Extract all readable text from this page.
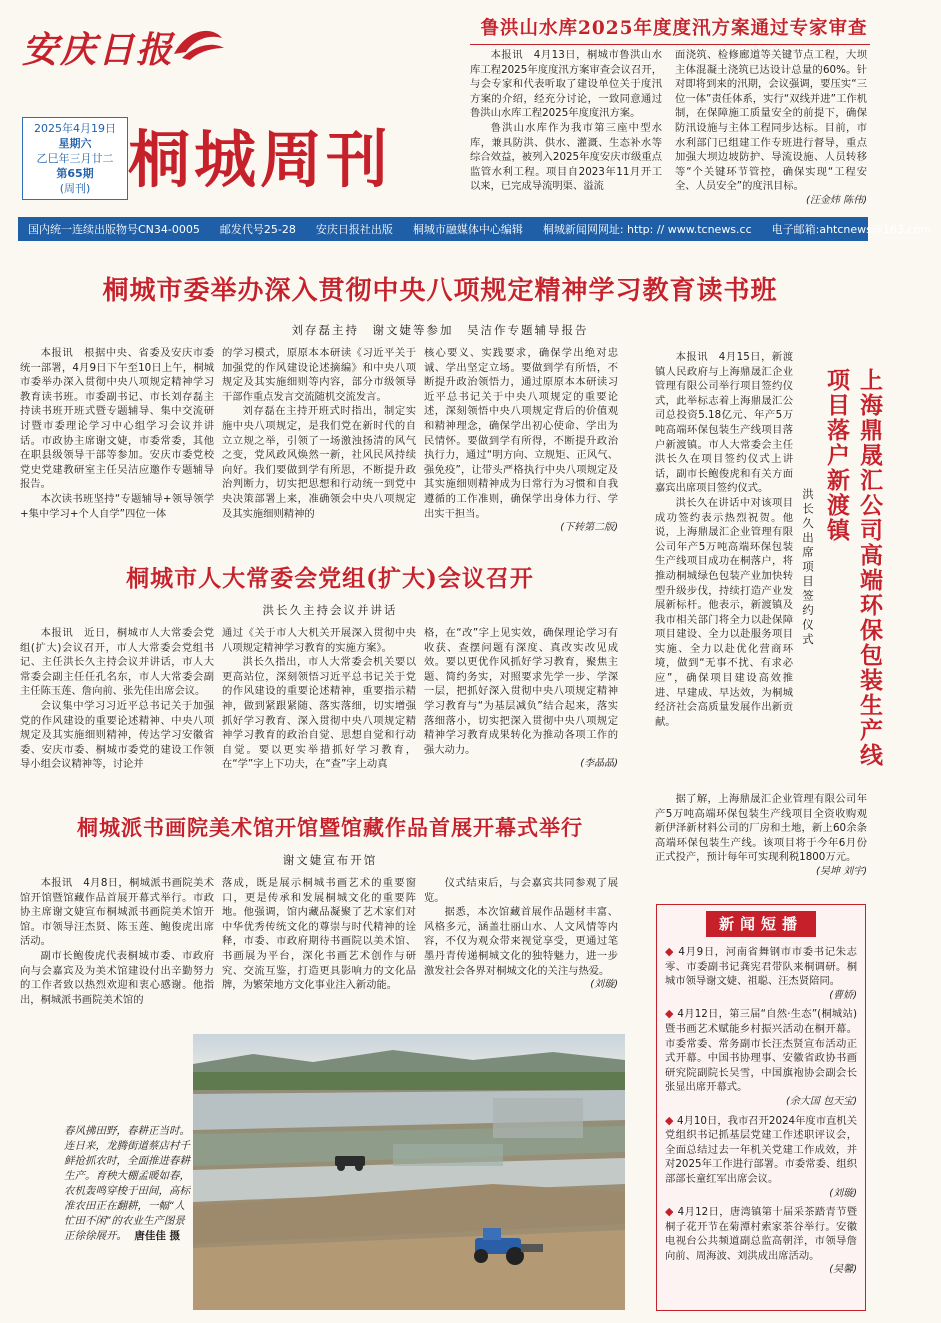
安庆日报
2025年4月19日
星期六
乙巳年三月廿二
第65期
(周刊) 桐城周刊
鲁洪山水库2025年度度汛方案通过专家审查

本报讯　4月13日，桐城市鲁洪山水库工程2025年度度汛方案审查会议召开，与会专家和代表听取了建设单位关于度汛方案的介绍，经充分讨论，一致同意通过鲁洪山水库工程2025年度度汛方案。

鲁洪山水库作为我市第三座中型水库，兼具防洪、供水、灌溉、生态补水等综合效益，被列入2025年度安庆市级重点监管水利工程。项目自2023年11月开工以来，已完成导流明渠、溢流

面浇筑、检修廊道等关键节点工程，大坝主体混凝土浇筑已达设计总量的60%。针对即将到来的汛期，会议强调，要压实“三位一体”责任体系，实行“双线并进”工作机制，在保障施工质量安全的前提下，确保防汛设施与主体工程同步达标。目前，市水利部门已组建工作专班进行督导，重点加强大坝边坡防护、导流设施、人员转移等“个关键环节管控，确保实现“工程安全、人员安全”的度汛目标。

(汪金炜 陈伟)
国内统一连续出版物号CN34-0005	邮发代号25-28	安庆日报社出版	桐城市融媒体中心编辑	桐城新闻网网址: http: // www.tcnews.cc	电子邮箱:ahtcnews@163.com
桐城市委举办深入贯彻中央八项规定精神学习教育读书班
刘存磊主持　谢文婕等参加　吴洁作专题辅导报告

本报讯　根据中央、省委及安庆市委统一部署，4月9日下午至10日上午，桐城市委举办深入贯彻中央八项规定精神学习教育读书班。市委副书记、市长刘存磊主持读书班开班式暨专题辅导、集中交流研讨暨市委理论学习中心组学习会议并讲话。市政协主席谢文婕，市委常委，其他在职县级领导干部等参加。安庆市委党校党史党建教研室主任吴洁应邀作专题辅导报告。

本次读书班坚持“专题辅导+领导领学+集中学习+个人自学”四位一体

的学习模式，原原本本研读《习近平关于加强党的作风建设论述摘编》和中央八项规定及其实施细则等内容，部分市级领导干部作重点发言交流随机交流发言。

刘存磊在主持开班式时指出，制定实施中央八项规定，是我们党在新时代的自立立规之举，引领了一场激浊扬清的风气之变，党风政风焕然一新，社风民风持续向好。我们要做到学有所思，不断提升政治判断力，切实把思想和行动统一到党中央决策部署上来，准确领会中央八项规定及其实施细则精神的

核心要义、实践要求，确保学出绝对忠诚、学出坚定立场。要做到学有所悟，不断提升政治领悟力，通过原原本本研读习近平总书记关于中央八项规定的重要论述，深刻领悟中央八项规定背后的价值观和精神理念，确保学出初心使命、学出为民情怀。要做到学有所得，不断提升政治执行力，通过“明方向、立规矩、正风气、强免疫”，让带头严格执行中央八项规定及其实施细则精神成为日常行为习惯和自我遵循的工作准则，确保学出身体力行、学出实干担当。

(下转第二版)	上海鼎晟汇公司高端环保包装生产线项目落户新渡镇
洪长久出席项目签约仪式

本报讯　4月15日，新渡镇人民政府与上海鼎晟汇企业管理有限公司举行项目签约仪式，此举标志着上海鼎晟汇公司总投资5.18亿元、年产5万吨高端环保包装生产线项目落户新渡镇。市人大常委会主任洪长久在项目签约仪式上讲话，副市长鲍俊虎和有关方面嘉宾出席项目签约仪式。

洪长久在讲话中对该项目成功签约表示热烈祝贺。他说，上海鼎晟汇企业管理有限公司年产5万吨高端环保包装生产线项目成功在桐落户，将推动桐城绿色包装产业加快转型升级步伐，持续打造产业发展新标杆。他表示，新渡镇及我市相关部门将全力以赴保障项目建设、全力以赴服务项目实施、全力以赴优化营商环境，做到“无事不扰、有求必应”，确保项目建设高效推进、早建成、早达效，为桐城经济社会高质量发展作出新贡献。

据了解，上海鼎晟汇企业管理有限公司年产5万吨高端环保包装生产线项目全资收购观新伊泽新材料公司的厂房和土地，新上60余条高端环保包装生产线。该项目将于今年6月份正式投产，预计每年可实现利税1800万元。

(吴坤 刘宇)
桐城市人大常委会党组(扩大)会议召开
洪长久主持会议并讲话

本报讯　近日，桐城市人大常委会党组(扩大)会议召开，市人大常委会党组书记、主任洪长久主持会议并讲话，市人大常委会副主任任孔名东，市人大常委会副主任陈玉莲、詹向前、张先佳出席会议。

会议集中学习习近平总书记关于加强党的作风建设的重要论述精神、中央八项规定及其实施细则精神，传达学习安徽省委、安庆市委、桐城市委党的建设工作领导小组会议精神等，讨论并

通过《关于市人大机关开展深入贯彻中央八项规定精神学习教育的实施方案》。

洪长久指出，市人大常委会机关要以更高站位，深刻领悟习近平总书记关于党的作风建设的重要论述精神，重要指示精神，做到紧跟紧随、落实落细，切实增强抓好学习教育、深入贯彻中央八项规定精神学习教育的政治自觉、思想自觉和行动自觉。要以更实举措抓好学习教育，在“学”字上下功夫，在“查”字上动真

格，在“改”字上见实效，确保理论学习有收获、查摆问题有深度、真改实改见成效。要以更优作风抓好学习教育，聚焦主题、简约务实，对照要求先学一步、学深一层，把抓好深入贯彻中央八项规定精神学习教育与“为基层减负”结合起来，落实落细落小，切实把深入贯彻中央八项规定精神学习教育成果转化为推动各项工作的强大动力。

(李晶晶)
桐城派书画院美术馆开馆暨馆藏作品首展开幕式举行
谢文婕宣布开馆

本报讯　4月8日，桐城派书画院美术馆开馆暨馆藏作品首展开幕式举行。市政协主席谢文婕宣布桐城派书画院美术馆开馆。市领导汪杰贤、陈玉莲、鲍俊虎出席活动。

副市长鲍俊虎代表桐城市委、市政府向与会嘉宾及为美术馆建设付出辛勤努力的工作者致以热烈欢迎和衷心感谢。他指出，桐城派书画院美术馆的

落成，既是展示桐城书画艺术的重要窗口，更是传承和发展桐城文化的重要阵地。他强调，馆内藏品凝聚了艺术家们对中华优秀传统文化的尊崇与时代精神的诠释，市委、市政府期待书画院以美术馆、书画展为平台，深化书画艺术创作与研究、交流互鉴，打造更具影响力的文化品牌，为繁荣地方文化事业注入新动能。

仪式结束后，与会嘉宾共同参观了展览。

据悉，本次馆藏首展作品题材丰富、风格多元，涵盖壮丽山水、人文风情等内容，不仅为观众带来视觉享受，更通过笔墨丹青传递桐城文化的独特魅力，进一步激发社会各界对桐城文化的关注与热爱。

(刘璇)
新闻短播
◆ 4月9日，河南省舞钢市市委书记朱志零、市委副书记龚宪君带队来桐调研。桐城市领导谢文婕、祖聪、汪杰贤陪同。
(曹娇)
◆ 4月12日，第三届“自然·生态”(桐城站)暨书画艺术赋能乡村振兴活动在桐开幕。市委常委、常务副市长汪杰贤宣布活动正式开幕。中国书协理事、安徽省政协书画研究院副院长吴雪，中国旗袍协会副会长张显出席开幕式。
(余大国 包天宝)
◆ 4月10日，我市召开2024年度市直机关党组织书记抓基层党建工作述职评议会，全面总结过去一年机关党建工作成效，并对2025年工作进行部署。市委常委、组织部部长童红军出席会议。
(刘璇)
◆ 4月12日，唐湾镇第十届采茶踏青节暨桐子花开节在菊潭村索家茶谷举行。安徽电视台公共频道副总监高朝洋，市领导詹向前、周海波、刘洪成出席活动。
(吴馨)
春风拂田野，春耕正当时。连日来，龙腾街道蔡店村千鲜抢抓农时，全面推进春耕生产。育秧大棚孟暖如春，农机轰鸣穿梭于田间，高标准农田正在翻耕，一幅“人忙田不闲”的农业生产图景正徐徐展开。 唐佳佳 摄
